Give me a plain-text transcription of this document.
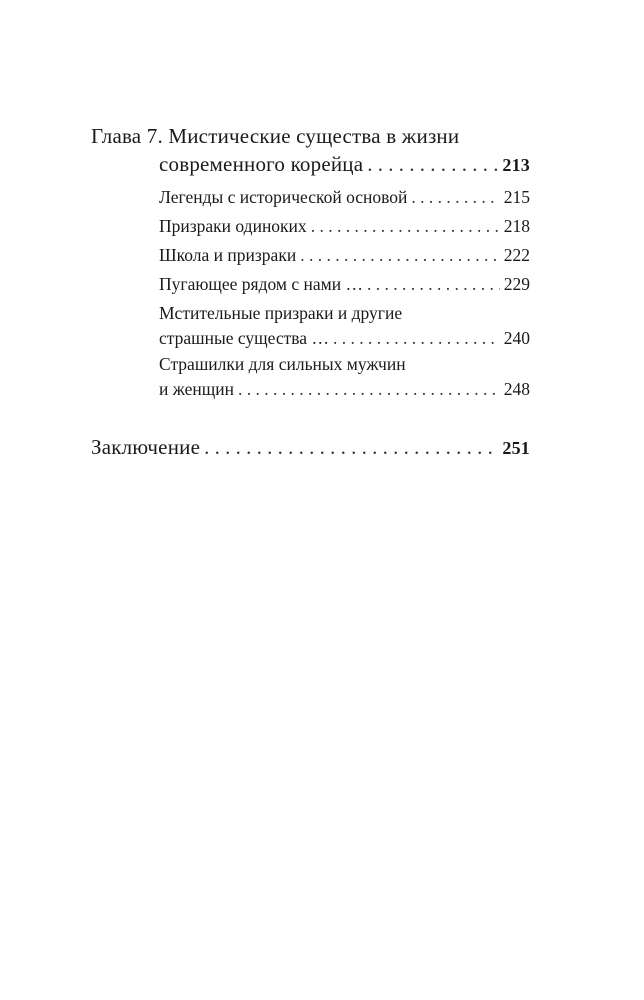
Глава 7. Мистические существа в жизни
современного корейца . . .	213
Легенды с исторической основой . . .	215
Призраки одиноких . . .	218
Школа и призраки . . .	222
Пугающее рядом с нами … . . .	229
Мстительные призраки и другие
страшные существа … . . .	240
Страшилки для сильных мужчин
и женщин . . .	248
Заключение . . .	251
